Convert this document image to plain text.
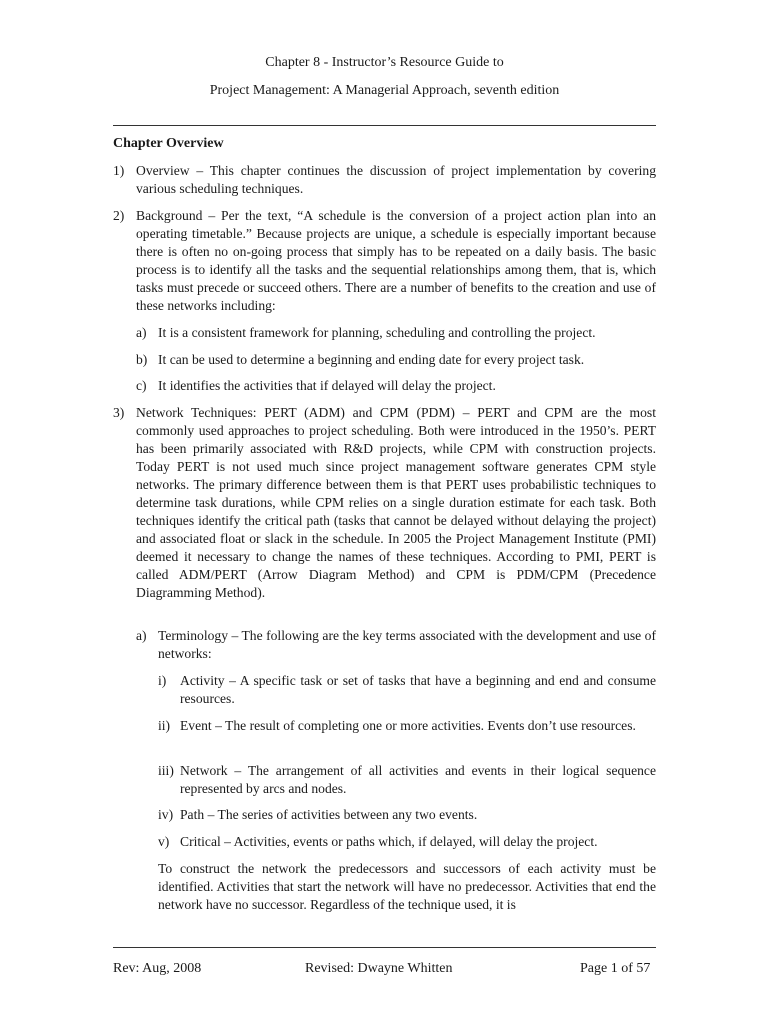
Chapter 8 - Instructor’s Resource Guide to
Project Management: A Managerial Approach, seventh edition
Chapter Overview
1) Overview – This chapter continues the discussion of project implementation by covering various scheduling techniques.
2) Background – Per the text, “A schedule is the conversion of a project action plan into an operating timetable.” Because projects are unique, a schedule is especially important because there is often no on-going process that simply has to be repeated on a daily basis. The basic process is to identify all the tasks and the sequential relationships among them, that is, which tasks must precede or succeed others. There are a number of benefits to the creation and use of these networks including:
a) It is a consistent framework for planning, scheduling and controlling the project.
b) It can be used to determine a beginning and ending date for every project task.
c) It identifies the activities that if delayed will delay the project.
3) Network Techniques: PERT (ADM) and CPM (PDM) – PERT and CPM are the most commonly used approaches to project scheduling. Both were introduced in the 1950’s. PERT has been primarily associated with R&D projects, while CPM with construction projects. Today PERT is not used much since project management software generates CPM style networks. The primary difference between them is that PERT uses probabilistic techniques to determine task durations, while CPM relies on a single duration estimate for each task. Both techniques identify the critical path (tasks that cannot be delayed without delaying the project) and associated float or slack in the schedule. In 2005 the Project Management Institute (PMI) deemed it necessary to change the names of these techniques. According to PMI, PERT is called ADM/PERT (Arrow Diagram Method) and CPM is PDM/CPM (Precedence Diagramming Method).
a) Terminology – The following are the key terms associated with the development and use of networks:
i) Activity – A specific task or set of tasks that have a beginning and end and consume resources.
ii) Event – The result of completing one or more activities. Events don’t use resources.
iii) Network – The arrangement of all activities and events in their logical sequence represented by arcs and nodes.
iv) Path – The series of activities between any two events.
v) Critical – Activities, events or paths which, if delayed, will delay the project.
To construct the network the predecessors and successors of each activity must be identified. Activities that start the network will have no predecessor. Activities that end the network have no successor. Regardless of the technique used, it is
Rev: Aug, 2008	Revised: Dwayne Whitten	Page 1 of 57
